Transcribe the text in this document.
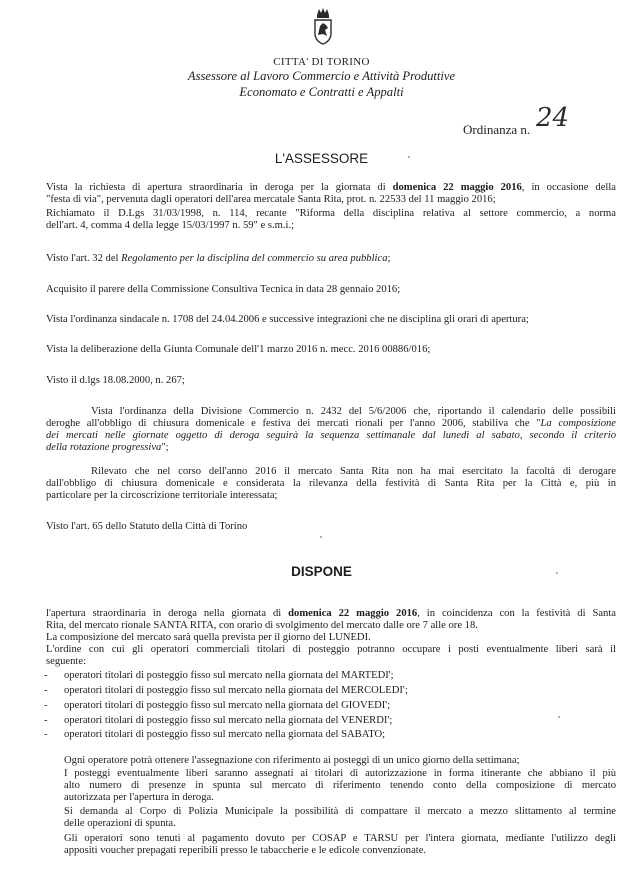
CITTA' DI TORINO
Assessore al Lavoro Commercio e Attività Produttive
Economato e Contratti e Appalti
Ordinanza n. 24
L'ASSESSORE
Vista la richiesta di apertura straordinaria in deroga per la giornata di domenica 22 maggio 2016, in occasione della
"festa di via", pervenuta dagli operatori dell'area mercatale Santa Rita, prot. n. 22533 del 11 maggio 2016;
Richiamato il D.Lgs 31/03/1998, n. 114, recante "Riforma della disciplina relativa al settore commercio, a norma
dell'art. 4, comma 4 della legge 15/03/1997 n. 59" e s.m.i.;
Visto l'art. 32 del Regolamento per la disciplina del commercio su area pubblica;
Acquisito il parere della Commissione Consultiva Tecnica in data 28 gennaio 2016;
Vista l'ordinanza sindacale n. 1708 del 24.04.2006 e successive integrazioni che ne disciplina gli orari di apertura;
Vista la deliberazione della Giunta Comunale dell'1 marzo 2016 n. mecc. 2016 00886/016;
Visto il d.lgs 18.08.2000, n. 267;
Vista l'ordinanza della Divisione Commercio n. 2432 del 5/6/2006 che, riportando il calendario delle possibili
deroghe all'obbligo di chiusura domenicale e festiva dei mercati rionali per l'anno 2006, stabiliva che "La composizione
dei mercati nelle giornate oggetto di deroga seguirà la sequenza settimanale dal lunedì al sabato, secondo il criterio
della rotazione progressiva";
Rilevato che nel corso dell'anno 2016 il mercato Santa Rita non ha mai esercitato la facoltà di derogare
dall'obbligo di chiusura domenicale e considerata la rilevanza della festività di Santa Rita per la Città e, più in
particolare per la circoscrizione territoriale interessata;
Visto l'art. 65 dello Statuto della Città di Torino
DISPONE
l'apertura straordinaria in deroga nella giornata di domenica 22 maggio 2016, in coincidenza con la festività di Santa
Rita, del mercato rionale SANTA RITA, con orario di svolgimento del mercato dalle ore 7 alle ore 18.
La composizione del mercato sarà quella prevista per il giorno del LUNEDI.
L'ordine con cui gli operatori commerciali titolari di posteggio potranno occupare i posti eventualmente liberi sarà il
seguente:
- operatori titolari di posteggio fisso sul mercato nella giornata del MARTEDI';
- operatori titolari di posteggio fisso sul mercato nella giornata del MERCOLEDI';
- operatori titolari di posteggio fisso sul mercato nella giornata del GIOVEDI';
- operatori titolari di posteggio fisso sul mercato nella giornata del VENERDI';
- operatori titolari di posteggio fisso sul mercato nella giornata del SABATO;
Ogni operatore potrà ottenere l'assegnazione con riferimento ai posteggi di un unico giorno della settimana;
I posteggi eventualmente liberi saranno assegnati ai titolari di autorizzazione in forma itinerante che abbiano il più
alto numero di presenze in spunta sul mercato di riferimento tenendo conto della composizione di mercato
autorizzata per l'apertura in deroga.
Si demanda al Corpo di Polizia Municipale la possibilità di compattare il mercato a mezzo slittamento al termine
delle operazioni di spunta.
Gli operatori sono tenuti al pagamento dovuto per COSAP e TARSU per l'intera giornata, mediante l'utilizzo degli
appositi voucher prepagati reperibili presso le tabaccherie e le edicole convenzionate.
